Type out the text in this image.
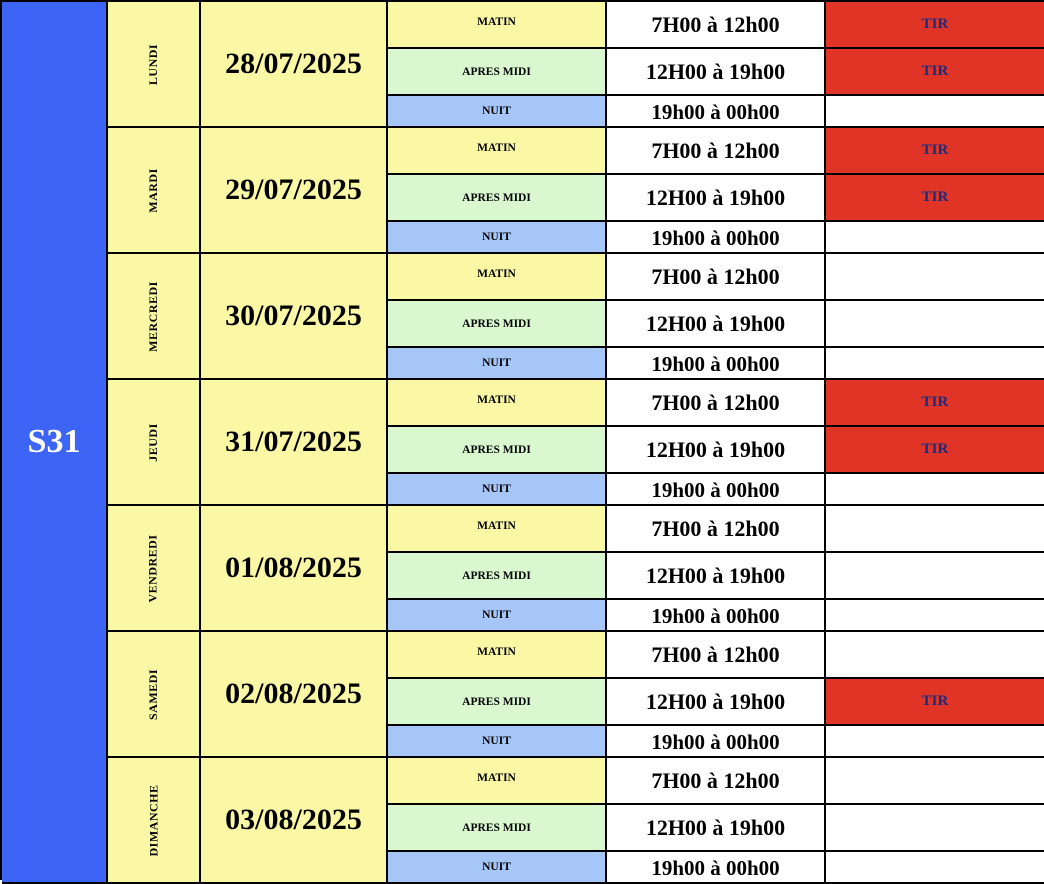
S31
LUNDI	28/07/2025
MATIN	7H00 à 12h00	TIR
APRES MIDI	12H00 à 19h00	TIR
NUIT	19h00 à 00h00
MARDI	29/07/2025
MATIN	7H00 à 12h00	TIR
APRES MIDI	12H00 à 19h00	TIR
NUIT	19h00 à 00h00
MERCREDI	30/07/2025
MATIN	7H00 à 12h00
APRES MIDI	12H00 à 19h00
NUIT	19h00 à 00h00
JEUDI	31/07/2025
MATIN	7H00 à 12h00	TIR
APRES MIDI	12H00 à 19h00	TIR
NUIT	19h00 à 00h00
VENDREDI	01/08/2025
MATIN	7H00 à 12h00
APRES MIDI	12H00 à 19h00
NUIT	19h00 à 00h00
SAMEDI	02/08/2025
MATIN	7H00 à 12h00
APRES MIDI	12H00 à 19h00	TIR
NUIT	19h00 à 00h00
DIMANCHE	03/08/2025
MATIN	7H00 à 12h00
APRES MIDI	12H00 à 19h00
NUIT	19h00 à 00h00
